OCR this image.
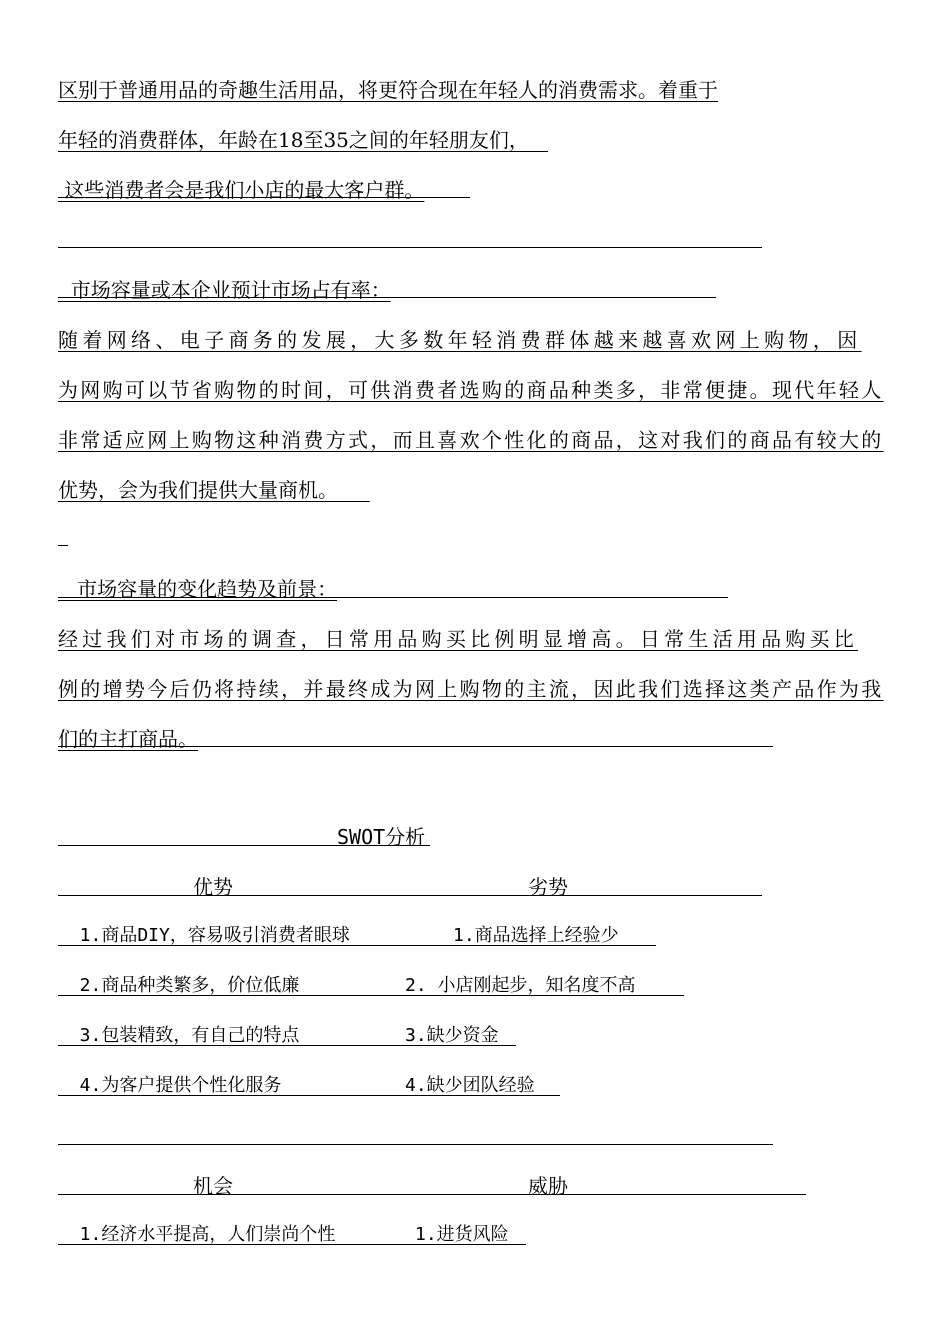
区别于普通用品的奇趣生活用品，将更符合现在年轻人的消费需求。着重于
年轻的消费群体，年龄在18至35之间的年轻朋友们，
这些消费者会是我们小店的最大客户群。
市场容量或本企业预计市场占有率：
随着网络、电子商务的发展，大多数年轻消费群体越来越喜欢网上购物，因
为网购可以节省购物的时间，可供消费者选购的商品种类多，非常便捷。现代年轻人
非常适应网上购物这种消费方式，而且喜欢个性化的商品，这对我们的商品有较大的
优势，会为我们提供大量商机。
市场容量的变化趋势及前景：
经过我们对市场的调查，日常用品购买比例明显增高。日常生活用品购买比
例的增势今后仍将持续，并最终成为网上购物的主流，因此我们选择这类产品作为我
们的主打商品。
SWOT分析
优势	劣势
1.商品DIY，容易吸引消费者眼球	1.商品选择上经验少
2.商品种类繁多，价位低廉	2. 小店刚起步，知名度不高
3.包装精致，有自己的特点	3.缺少资金
4.为客户提供个性化服务	4.缺少团队经验
机会	威胁
1.经济水平提高，人们崇尚个性	1.进货风险
